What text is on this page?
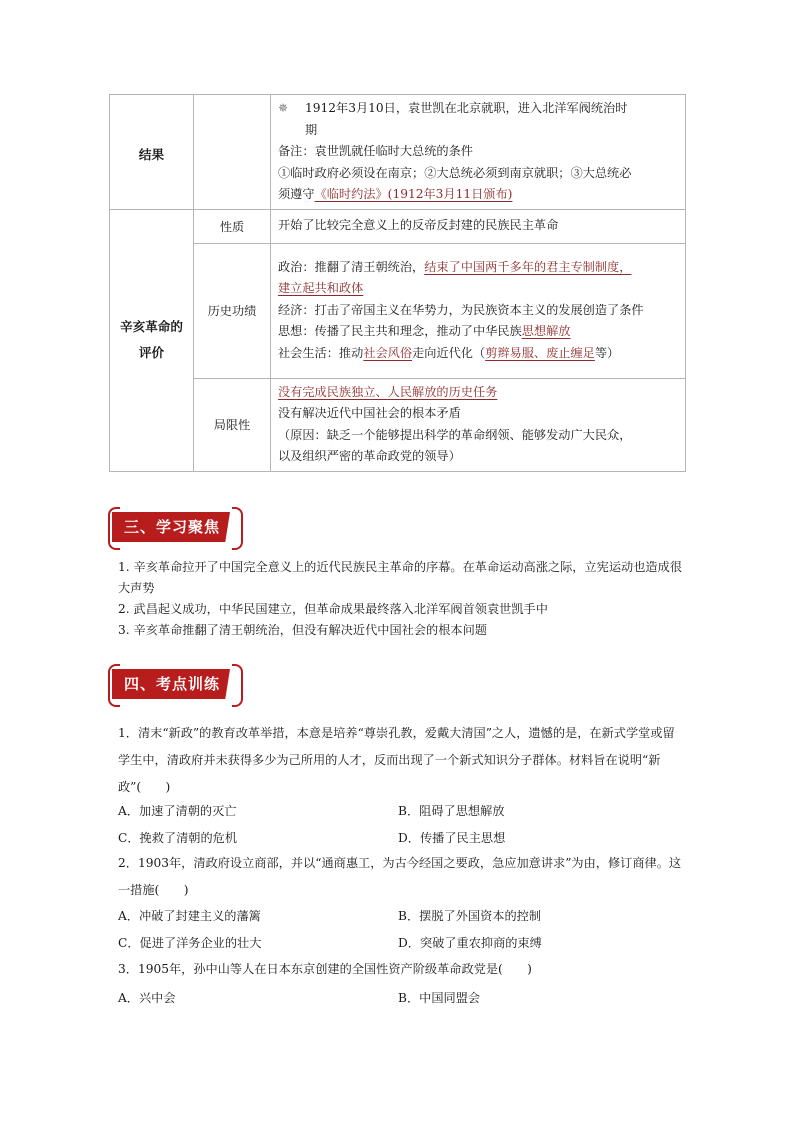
结果		✵ 1912年3月10日，袁世凯在北京就职，进入北洋军阀统治时
期
备注：袁世凯就任临时大总统的条件
①临时政府必须设在南京；②大总统必须到南京就职；③大总统必
须遵守《临时约法》(1912年3月11日颁布)

辛亥革命的
评价	性质	开始了比较完全意义上的反帝反封建的民族民主革命
	历史功绩	政治：推翻了清王朝统治，结束了中国两千多年的君主专制制度，
建立起共和政体
经济：打击了帝国主义在华势力，为民族资本主义的发展创造了条件
思想：传播了民主共和理念，推动了中华民族思想解放
社会生活：推动社会风俗走向近代化（剪辫易服、废止缠足等）

	局限性	没有完成民族独立、人民解放的历史任务
没有解决近代中国社会的根本矛盾
（原因：缺乏一个能够提出科学的革命纲领、能够发动广大民众，
以及组织严密的革命政党的领导）
三、学习聚焦
1. 辛亥革命拉开了中国完全意义上的近代民族民主革命的序幕。在革命运动高涨之际，立宪运动也造成很大声势
2. 武昌起义成功，中华民国建立，但革命成果最终落入北洋军阀首领袁世凯手中
3. 辛亥革命推翻了清王朝统治，但没有解决近代中国社会的根本问题
四、考点训练
1．清末“新政”的教育改革举措，本意是培养“尊崇孔教，爱戴大清国”之人，遗憾的是，在新式学堂或留学生中，清政府并未获得多少为己所用的人才，反而出现了一个新式知识分子群体。材料旨在说明“新政”(　　)
A．加速了清朝的灭亡	B．阻碍了思想解放
C．挽救了清朝的危机	D．传播了民主思想
2．1903年，清政府设立商部，并以“通商惠工，为古今经国之要政，急应加意讲求”为由，修订商律。这一措施(　　)
A．冲破了封建主义的藩篱	B．摆脱了外国资本的控制
C．促进了洋务企业的壮大	D．突破了重农抑商的束缚
3．1905年，孙中山等人在日本东京创建的全国性资产阶级革命政党是(　　)
A．兴中会	B．中国同盟会
